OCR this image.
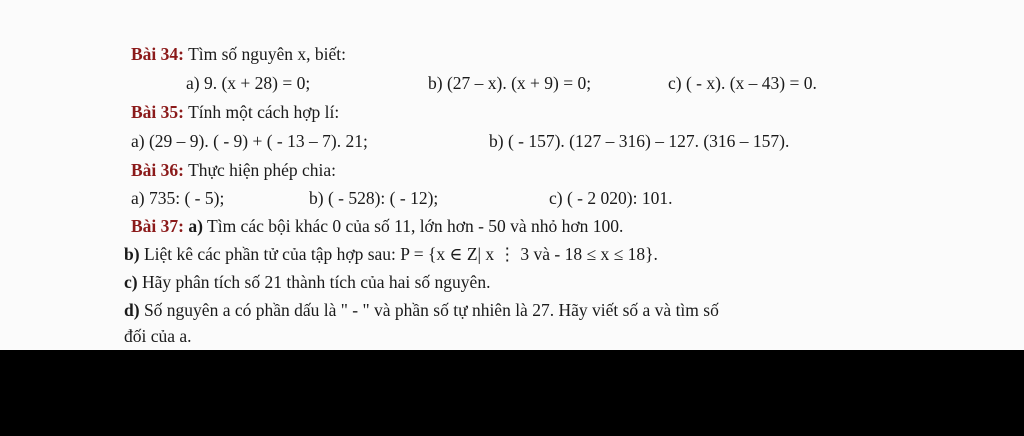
Bài 34: Tìm số nguyên x, biết:
a) 9. (x + 28) = 0;	b) (27 – x). (x + 9) = 0;	c) ( - x). (x – 43) = 0.
Bài 35: Tính một cách hợp lí:
a) (29 – 9). ( - 9) + ( - 13 – 7). 21;	b) ( - 157). (127 – 316) – 127. (316 – 157).
Bài 36: Thực hiện phép chia:
a) 735: ( - 5);	b) ( - 528): ( - 12);	c) ( - 2 020): 101.
Bài 37: a) Tìm các bội khác 0 của số 11, lớn hơn - 50 và nhỏ hơn 100.
b) Liệt kê các phần tử của tập hợp sau: P = {x ∈ Z| x ⋮ 3 và - 18 ≤ x ≤ 18}.
c) Hãy phân tích số 21 thành tích của hai số nguyên.
d) Số nguyên a có phần dấu là " - " và phần số tự nhiên là 27. Hãy viết số a và tìm số
đối của a.
